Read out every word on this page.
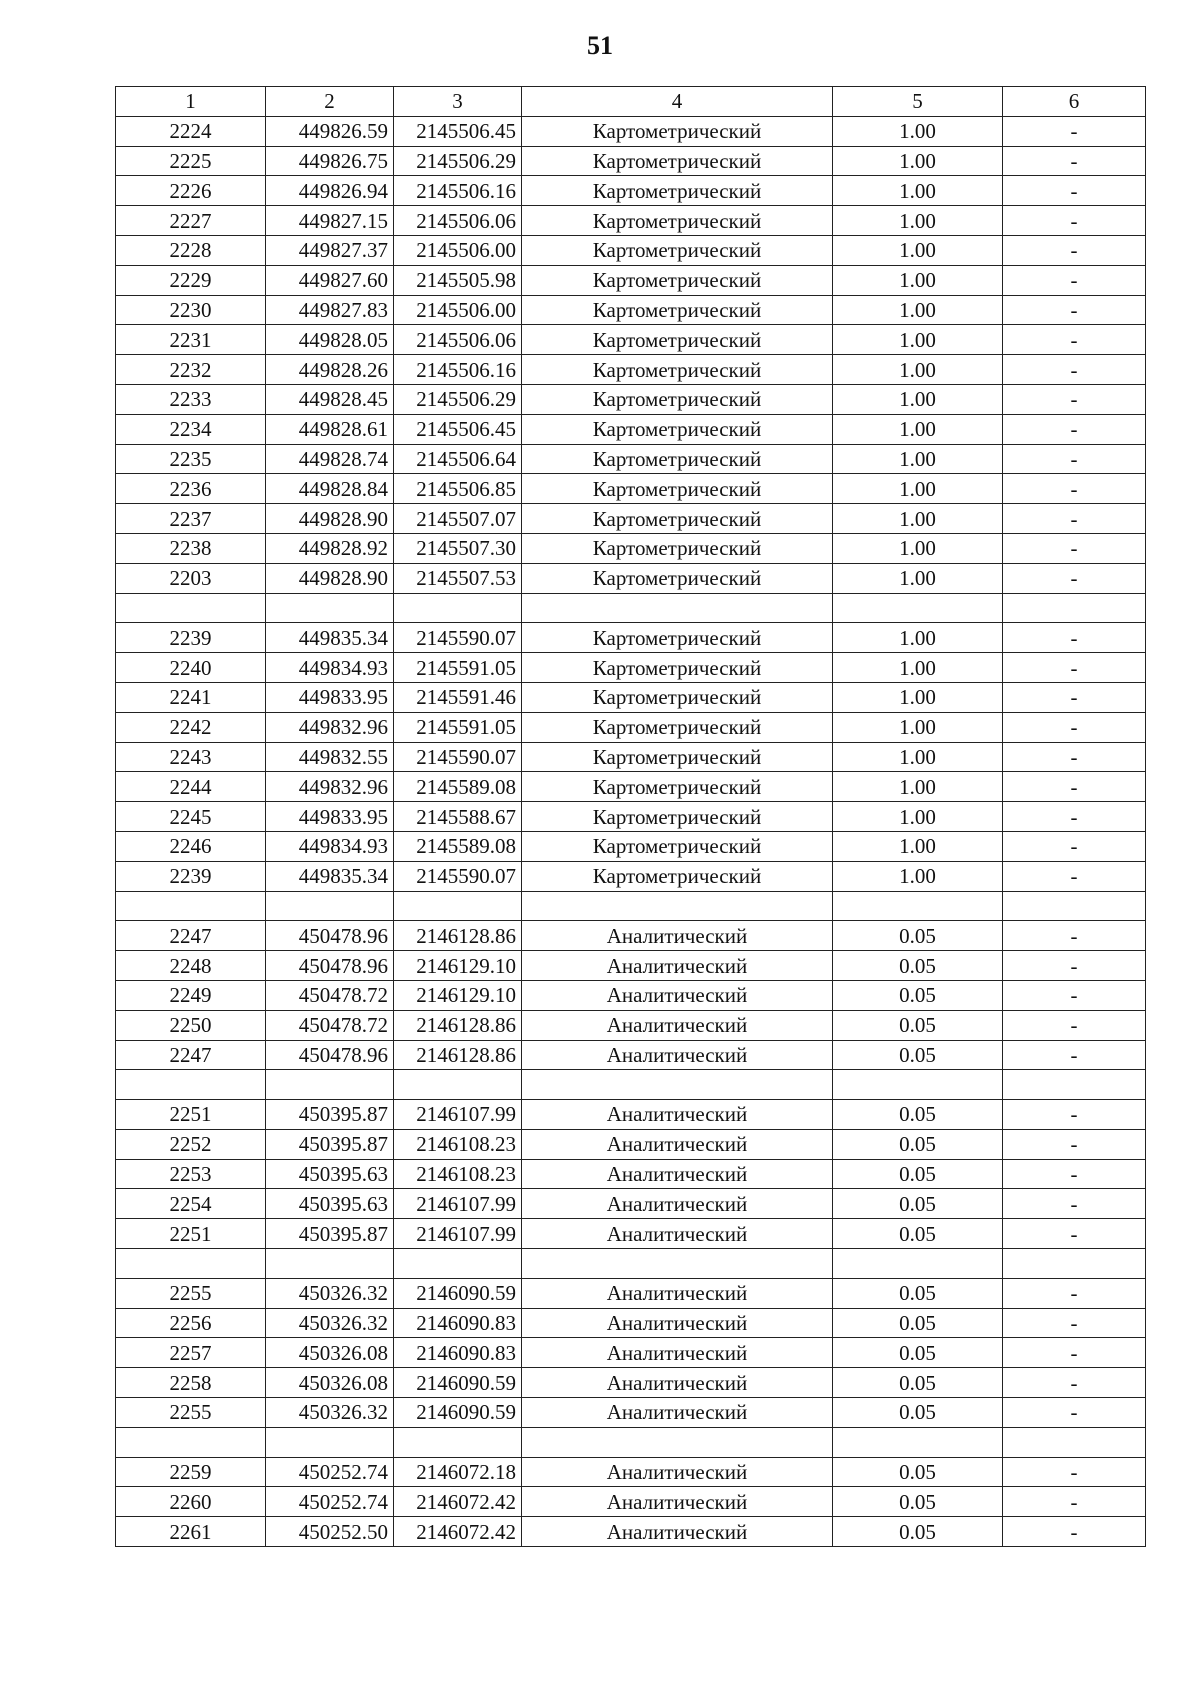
51
1	2	3	4	5	6
2224	449826.59	2145506.45	Картометрический	1.00	-
2225	449826.75	2145506.29	Картометрический	1.00	-
2226	449826.94	2145506.16	Картометрический	1.00	-
2227	449827.15	2145506.06	Картометрический	1.00	-
2228	449827.37	2145506.00	Картометрический	1.00	-
2229	449827.60	2145505.98	Картометрический	1.00	-
2230	449827.83	2145506.00	Картометрический	1.00	-
2231	449828.05	2145506.06	Картометрический	1.00	-
2232	449828.26	2145506.16	Картометрический	1.00	-
2233	449828.45	2145506.29	Картометрический	1.00	-
2234	449828.61	2145506.45	Картометрический	1.00	-
2235	449828.74	2145506.64	Картометрический	1.00	-
2236	449828.84	2145506.85	Картометрический	1.00	-
2237	449828.90	2145507.07	Картометрический	1.00	-
2238	449828.92	2145507.30	Картометрический	1.00	-
2203	449828.90	2145507.53	Картометрический	1.00	-

2239	449835.34	2145590.07	Картометрический	1.00	-
2240	449834.93	2145591.05	Картометрический	1.00	-
2241	449833.95	2145591.46	Картометрический	1.00	-
2242	449832.96	2145591.05	Картометрический	1.00	-
2243	449832.55	2145590.07	Картометрический	1.00	-
2244	449832.96	2145589.08	Картометрический	1.00	-
2245	449833.95	2145588.67	Картометрический	1.00	-
2246	449834.93	2145589.08	Картометрический	1.00	-
2239	449835.34	2145590.07	Картометрический	1.00	-

2247	450478.96	2146128.86	Аналитический	0.05	-
2248	450478.96	2146129.10	Аналитический	0.05	-
2249	450478.72	2146129.10	Аналитический	0.05	-
2250	450478.72	2146128.86	Аналитический	0.05	-
2247	450478.96	2146128.86	Аналитический	0.05	-

2251	450395.87	2146107.99	Аналитический	0.05	-
2252	450395.87	2146108.23	Аналитический	0.05	-
2253	450395.63	2146108.23	Аналитический	0.05	-
2254	450395.63	2146107.99	Аналитический	0.05	-
2251	450395.87	2146107.99	Аналитический	0.05	-

2255	450326.32	2146090.59	Аналитический	0.05	-
2256	450326.32	2146090.83	Аналитический	0.05	-
2257	450326.08	2146090.83	Аналитический	0.05	-
2258	450326.08	2146090.59	Аналитический	0.05	-
2255	450326.32	2146090.59	Аналитический	0.05	-

2259	450252.74	2146072.18	Аналитический	0.05	-
2260	450252.74	2146072.42	Аналитический	0.05	-
2261	450252.50	2146072.42	Аналитический	0.05	-
